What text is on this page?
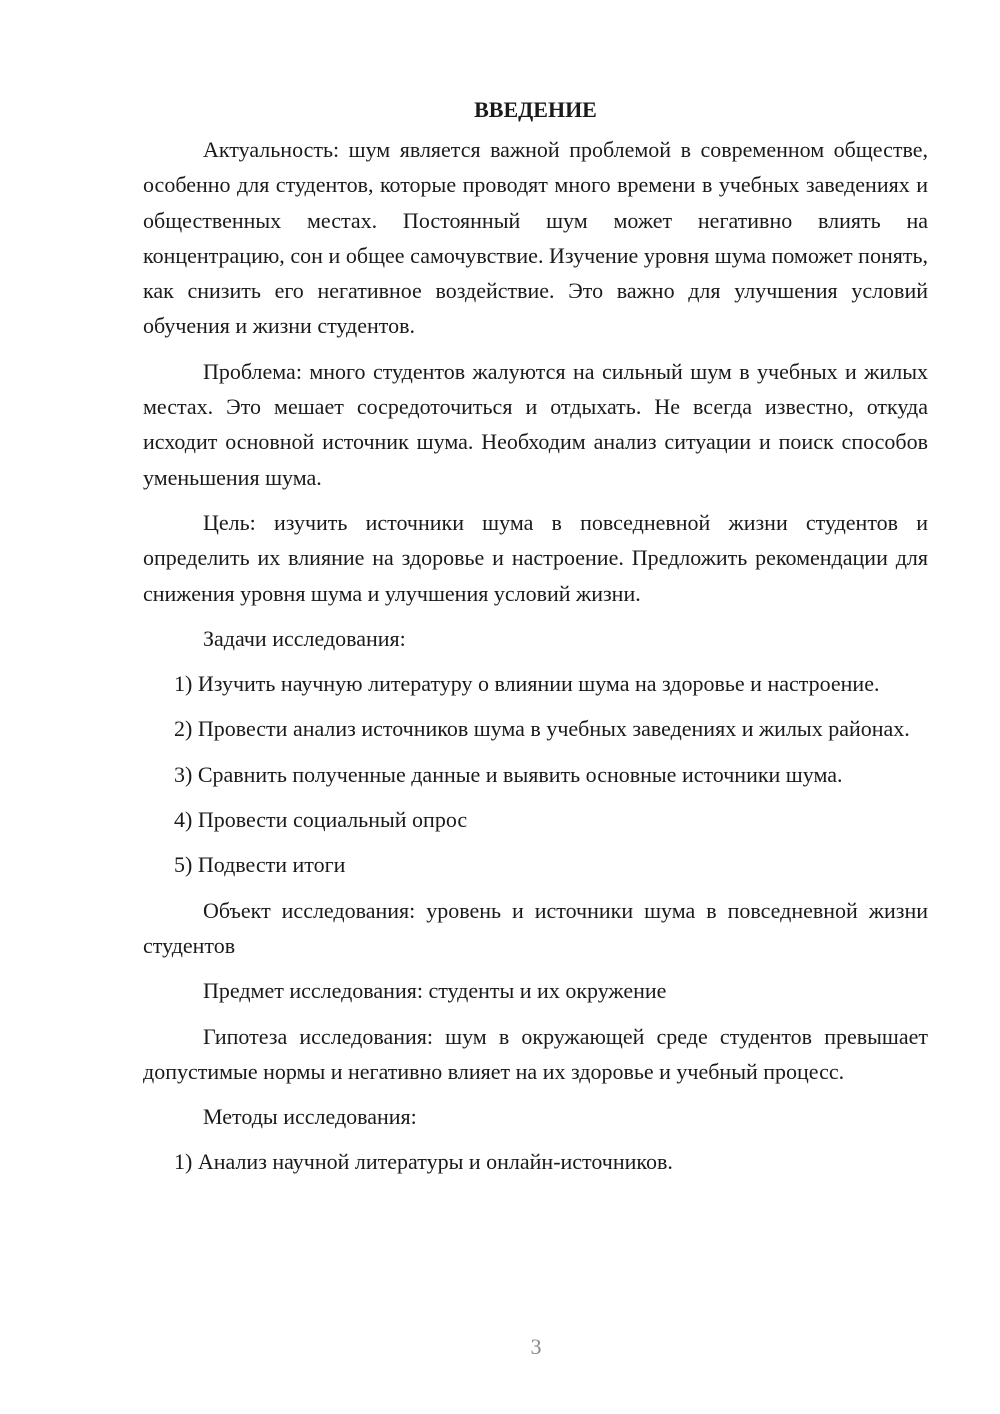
ВВЕДЕНИЕ

Актуальность: шум является важной проблемой в современном обществе, особенно для студентов, которые проводят много времени в учебных заведениях и общественных местах. Постоянный шум может негативно влиять на концентрацию, сон и общее самочувствие. Изучение уровня шума поможет понять, как снизить его негативное воздействие. Это важно для улучшения условий обучения и жизни студентов.

Проблема: много студентов жалуются на сильный шум в учебных и жилых местах. Это мешает сосредоточиться и отдыхать. Не всегда известно, откуда исходит основной источник шума. Необходим анализ ситуации и поиск способов уменьшения шума.

Цель: изучить источники шума в повседневной жизни студентов и определить их влияние на здоровье и настроение. Предложить рекомендации для снижения уровня шума и улучшения условий жизни.

Задачи исследования:

1) Изучить научную литературу о влиянии шума на здоровье и настроение.

2) Провести анализ источников шума в учебных заведениях и жилых районах.

3) Сравнить полученные данные и выявить основные источники шума.

4) Провести социальный опрос

5) Подвести итоги

Объект исследования: уровень и источники шума в повседневной жизни студентов

Предмет исследования: студенты и их окружение

Гипотеза исследования: шум в окружающей среде студентов превышает допустимые нормы и негативно влияет на их здоровье и учебный процесс.

Методы исследования:

1) Анализ научной литературы и онлайн-источников.

3
